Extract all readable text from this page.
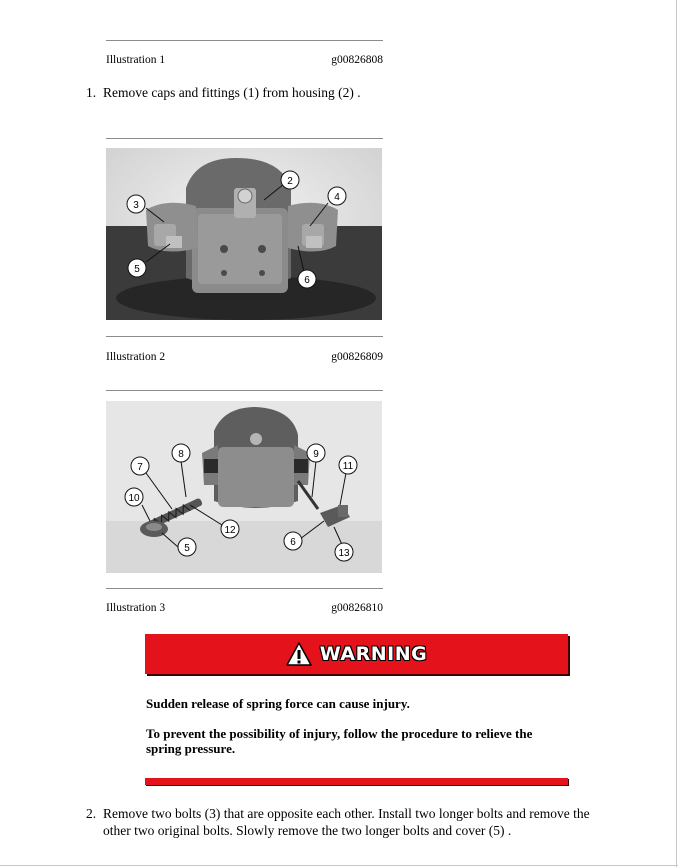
Illustration 1	g00826808
1. Remove caps and fittings (1) from housing (2) .
3
2
4
5
6
Illustration 2	g00826809
8
7
9
11
10
12
5
6
13
Illustration 3	g00826810
WARNING
Sudden release of spring force can cause injury.
To prevent the possibility of injury, follow the procedure to relieve the
spring pressure.
2. Remove two bolts (3) that are opposite each other. Install two longer bolts and remove the
other two original bolts. Slowly remove the two longer bolts and cover (5) .
